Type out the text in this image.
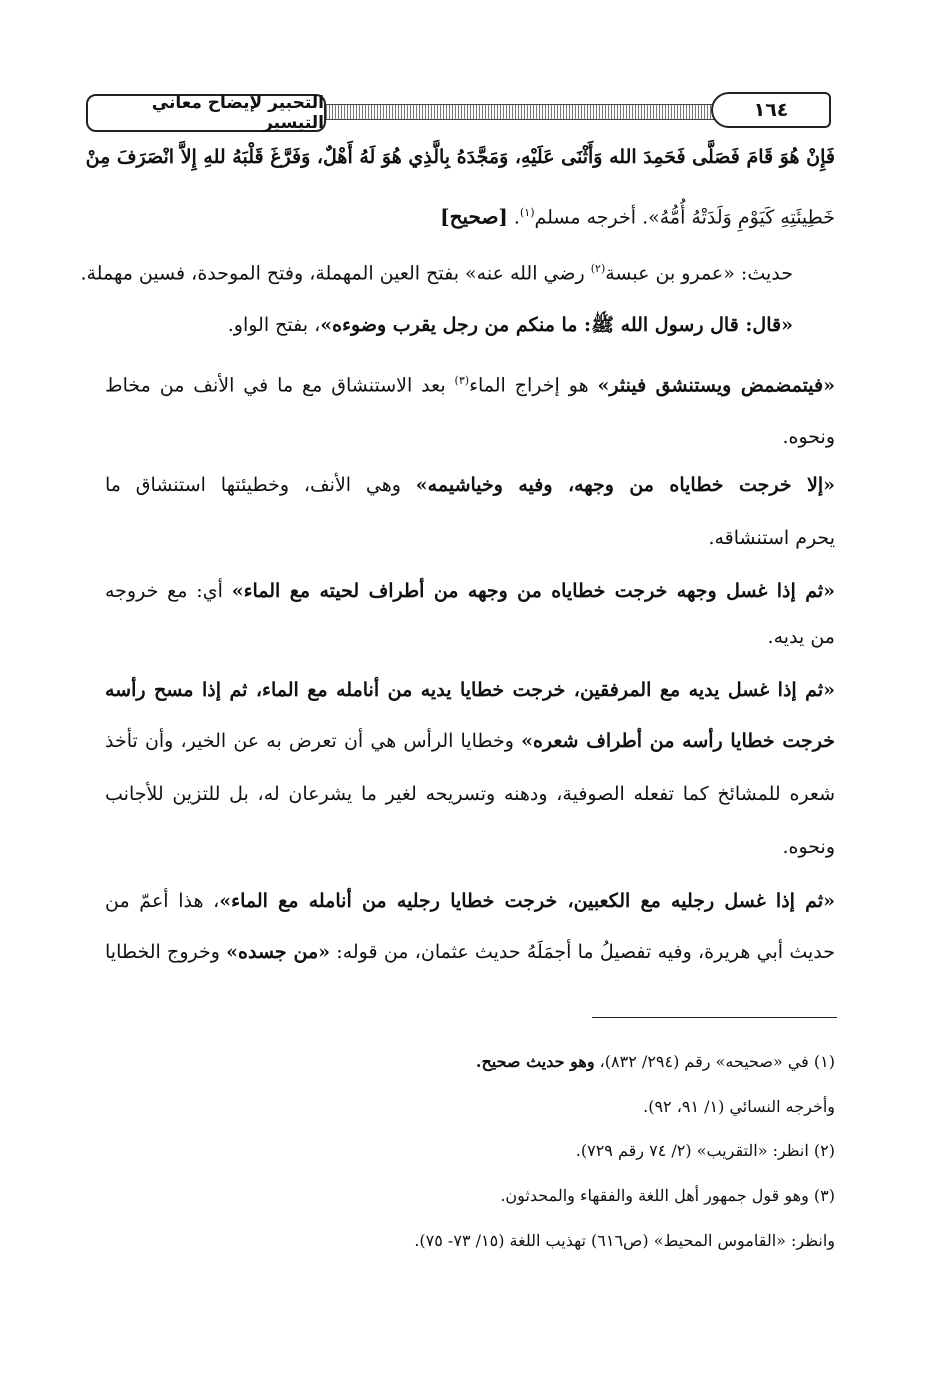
التحبير لإيضاح معاني التيسير
١٦٤
فَإِنْ هُوَ قَامَ فَصَلَّى فَحَمِدَ الله وَأَثْنَى عَلَيْهِ، وَمَجَّدَهُ بِالَّذِي هُوَ لَهُ أَهْلٌ، وَفَرَّغَ قَلْبَهُ للهِ إِلاَّ انْصَرَفَ مِنْ
خَطِيئَتِهِ كَيَوْمِ وَلَدَتْهُ أُمُّهُ». أخرجه مسلم$^{(١)}$. [صحيح]
حديث: «عمرو بن عبسة$^{(٢)}$ رضي الله عنه» بفتح العين المهملة، وفتح الموحدة، فسين مهملة.
«قال: قال رسول الله ﷺ: ما منكم من رجل يقرب وضوءه»، بفتح الواو.
«فيتمضمض ويستنشق فينثر» هو إخراج الماء$^{(٣)}$ بعد الاستنشاق مع ما في الأنف من مخاط
ونحوه.
«إلا خرجت خطاياه من وجهه، وفيه وخياشيمه» وهي الأنف، وخطيئتها استنشاق ما
يحرم استنشاقه.
«ثم إذا غسل وجهه خرجت خطاياه من وجهه من أطراف لحيته مع الماء» أي: مع خروجه
من يديه.
«ثم إذا غسل يديه مع المرفقين، خرجت خطايا يديه من أنامله مع الماء، ثم إذا مسح رأسه
خرجت خطايا رأسه من أطراف شعره» وخطايا الرأس هي أن تعرض به عن الخير، وأن تأخذ
شعره للمشائخ كما تفعله الصوفية، ودهنه وتسريحه لغير ما يشرعان له، بل للتزين للأجانب
ونحوه.
«ثم إذا غسل رجليه مع الكعبين، خرجت خطايا رجليه من أنامله مع الماء»، هذا أعمّ من
حديث أبي هريرة، وفيه تفصيلُ ما أجمَلَهُ حديث عثمان، من قوله: «من جسده» وخروج الخطايا
(١) في «صحيحه» رقم (٢٩٤/ ٨٣٢)، وهو حديث صحيح.
وأخرجه النسائي (١/ ٩١، ٩٢).
(٢) انظر: «التقريب» (٢/ ٧٤ رقم ٧٢٩).
(٣) وهو قول جمهور أهل اللغة والفقهاء والمحدثون.
وانظر: «القاموس المحيط» (ص٦١٦) تهذيب اللغة (١٥/ ٧٣- ٧٥).
